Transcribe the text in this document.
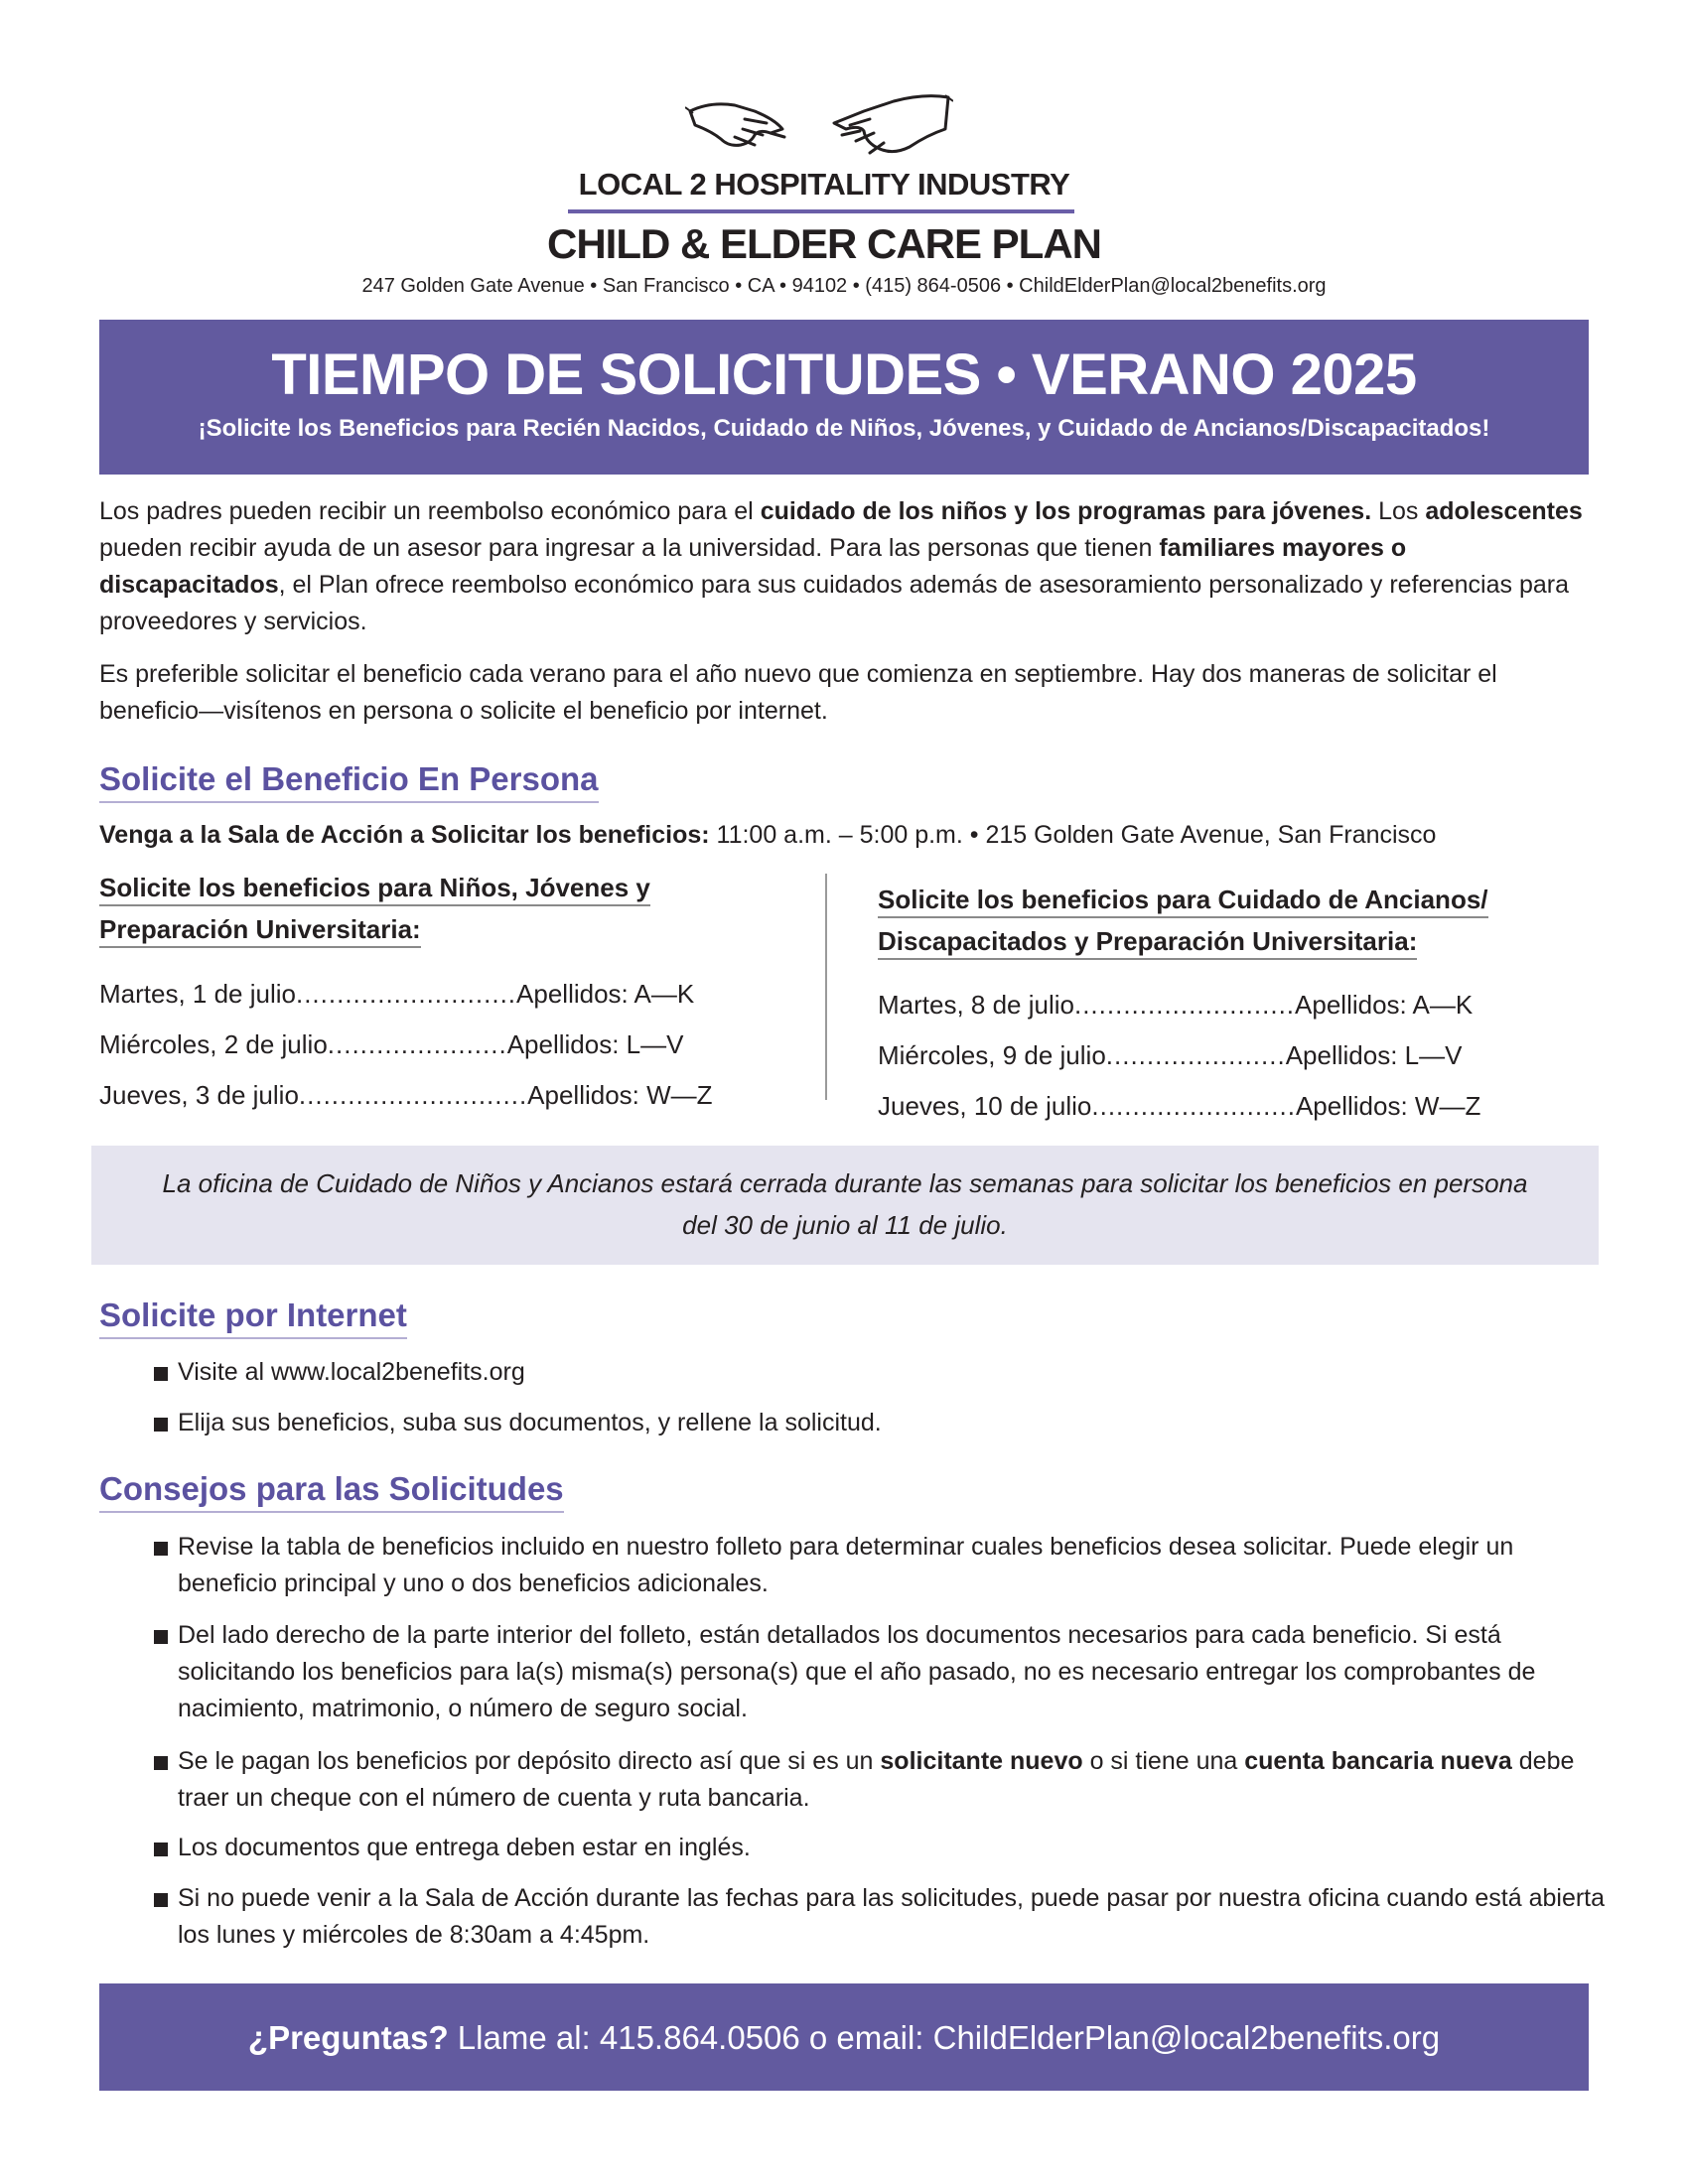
LOCAL 2 HOSPITALITY INDUSTRY
CHILD & ELDER CARE PLAN
247 Golden Gate Avenue • San Francisco • CA • 94102 • (415) 864-0506 • ChildElderPlan@local2benefits.org
TIEMPO DE SOLICITUDES • VERANO 2025
¡Solicite los Beneficios para Recién Nacidos, Cuidado de Niños, Jóvenes, y Cuidado de Ancianos/Discapacitados!
Los padres pueden recibir un reembolso económico para el cuidado de los niños y los programas para jóvenes. Los adolescentes pueden recibir ayuda de un asesor para ingresar a la universidad. Para las personas que tienen familiares mayores o discapacitados, el Plan ofrece reembolso económico para sus cuidados además de asesoramiento personalizado y referencias para proveedores y servicios.
Es preferible solicitar el beneficio cada verano para el año nuevo que comienza en septiembre. Hay dos maneras de solicitar el beneficio—visítenos en persona o solicite el beneficio por internet.
Solicite el Beneficio En Persona
Venga a la Sala de Acción a Solicitar los beneficios: 11:00 a.m. – 5:00 p.m. • 215 Golden Gate Avenue, San Francisco
Solicite los beneficios para Niños, Jóvenes y
Preparación Universitaria:
Martes, 1 de julio ........................... Apellidos: A—K
Miércoles, 2 de julio ...................... Apellidos: L—V
Jueves, 3 de julio ............................ Apellidos: W—Z
Solicite los beneficios para Cuidado de Ancianos/
Discapacitados y Preparación Universitaria:
Martes, 8 de julio ........................... Apellidos: A—K
Miércoles, 9 de julio ...................... Apellidos: L—V
Jueves, 10 de julio ......................... Apellidos: W—Z
La oficina de Cuidado de Niños y Ancianos estará cerrada durante las semanas para solicitar los beneficios en persona
del 30 de junio al 11 de julio.
Solicite por Internet
Visite al www.local2benefits.org
Elija sus beneficios, suba sus documentos, y rellene la solicitud.
Consejos para las Solicitudes
Revise la tabla de beneficios incluido en nuestro folleto para determinar cuales beneficios desea solicitar. Puede elegir un beneficio principal y uno o dos beneficios adicionales.
Del lado derecho de la parte interior del folleto, están detallados los documentos necesarios para cada beneficio. Si está solicitando los beneficios para la(s) misma(s) persona(s) que el año pasado, no es necesario entregar los comprobantes de nacimiento, matrimonio, o número de seguro social.
Se le pagan los beneficios por depósito directo así que si es un solicitante nuevo o si tiene una cuenta bancaria nueva debe traer un cheque con el número de cuenta y ruta bancaria.
Los documentos que entrega deben estar en inglés.
Si no puede venir a la Sala de Acción durante las fechas para las solicitudes, puede pasar por nuestra oficina cuando está abierta los lunes y miércoles de 8:30am a 4:45pm.
¿Preguntas? Llame al: 415.864.0506 o email: ChildElderPlan@local2benefits.org
